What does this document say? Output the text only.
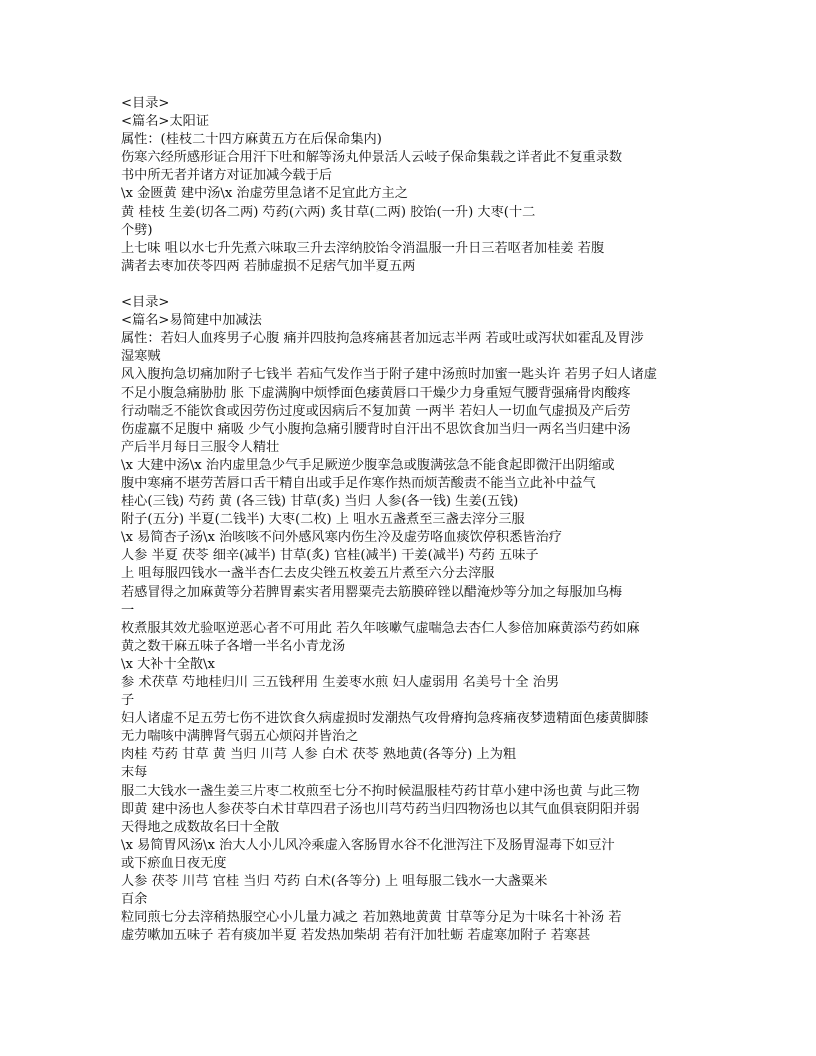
<目录>
<篇名>太阳证
属性：(桂枝二十四方麻黄五方在后保命集内)
伤寒六经所感形证合用汗下吐和解等汤丸仲景活人云岐子保命集载之详者此不复重录数
书中所无者并诸方对证加减今载于后
\x 金匮黄 建中汤\x 治虚劳里急诸不足宜此方主之
黄 桂枝 生姜(切各二两) 芍药(六两) 炙甘草(二两) 胶饴(一升) 大枣(十二
个劈)
上七味 咀以水七升先煮六味取三升去滓纳胶饴令消温服一升日三若呕者加桂姜 若腹
满者去枣加茯苓四两 若肺虚损不足痞气加半夏五两
<目录>
<篇名>易简建中加减法
属性：若妇人血疼男子心腹 痛并四肢拘急疼痛甚者加远志半两 若或吐或泻状如霍乱及胃涉
湿寒贼
风入腹拘急切痛加附子七钱半 若疝气发作当于附子建中汤煎时加蜜一匙头许 若男子妇人诸虚
不足小腹急痛胁肋 胀 下虚满胸中烦悸面色痿黄唇口干燥少力身重短气腰背强痛骨肉酸疼
行动喘乏不能饮食或因劳伤过度或因病后不复加黄 一两半 若妇人一切血气虚损及产后劳
伤虚羸不足腹中 痛吸 少气小腹拘急痛引腰背时自汗出不思饮食加当归一两名当归建中汤
产后半月每日三服令人精壮
\x 大建中汤\x 治内虚里急少气手足厥逆少腹挛急或腹满弦急不能食起即微汗出阴缩或
腹中寒痛不堪劳苦唇口舌干精自出或手足作寒作热而烦苦酸责不能当立此补中益气
桂心(三钱) 芍药 黄 (各三钱) 甘草(炙) 当归 人参(各一钱) 生姜(五钱)
附子(五分) 半夏(二钱半) 大枣(二枚) 上 咀水五盏煮至三盏去滓分三服
\x 易简杏子汤\x 治咳咳不问外感风寒内伤生冷及虚劳咯血痰饮停积悉皆治疗
人参 半夏 茯苓 细辛(减半) 甘草(炙) 官桂(减半) 干姜(减半) 芍药 五味子
上 咀每服四钱水一盏半杏仁去皮尖锉五枚姜五片煮至六分去滓服
若感冒得之加麻黄等分若脾胃素实者用罂粟壳去筋膜碎锉以醋淹炒等分加之每服加乌梅
一
枚煮服其效尤验呕逆恶心者不可用此 若久年咳嗽气虚喘急去杏仁人参倍加麻黄添芍药如麻
黄之数干麻五味子各增一半名小青龙汤
\x 大补十全散\x
参 术茯草 芍地桂归川 三五钱秤用 生姜枣水煎 妇人虚弱用 名美号十全 治男
子
妇人诸虚不足五劳七伤不进饮食久病虚损时发潮热气攻骨瘠拘急疼痛夜梦遗精面色痿黄脚膝
无力喘咳中满脾肾气弱五心烦闷并皆治之
肉桂 芍药 甘草 黄 当归 川芎 人参 白术 茯苓 熟地黄(各等分) 上为粗
末每
服二大钱水一盏生姜三片枣二枚煎至七分不拘时候温服桂芍药甘草小建中汤也黄 与此三物
即黄 建中汤也人参茯苓白术甘草四君子汤也川芎芍药当归四物汤也以其气血俱衰阴阳并弱
天得地之成数故名曰十全散
\x 易简胃风汤\x 治大人小儿风冷乘虚入客肠胃水谷不化泄泻注下及肠胃湿毒下如豆汁
或下瘀血日夜无度
人参 茯苓 川芎 官桂 当归 芍药 白术(各等分) 上 咀每服二钱水一大盏粟米
百余
粒同煎七分去滓稍热服空心小儿量力减之 若加熟地黄黄 甘草等分足为十味名十补汤 若
虚劳嗽加五味子 若有痰加半夏 若发热加柴胡 若有汗加牡蛎 若虚寒加附子 若寒甚
